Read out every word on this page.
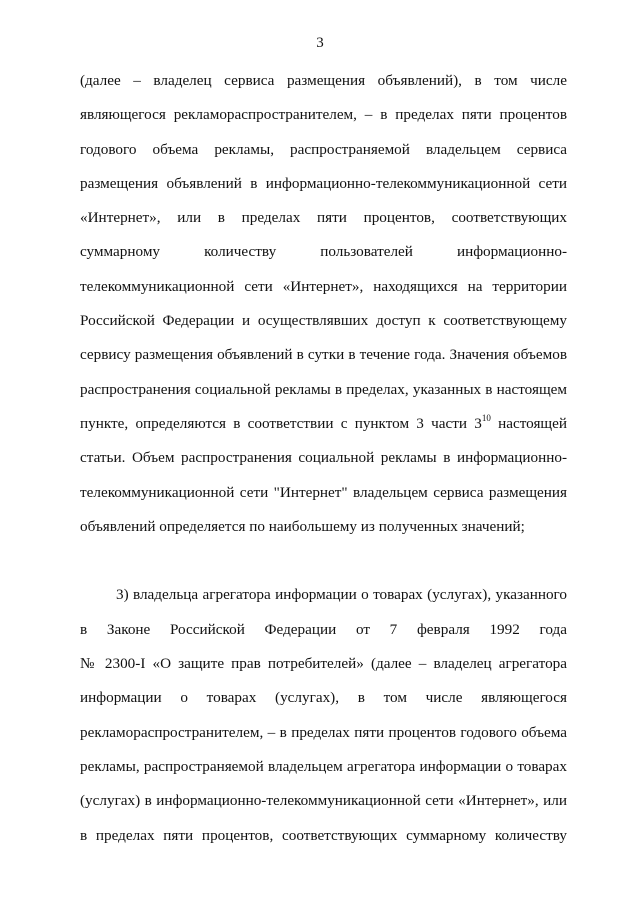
3
(далее – владелец сервиса размещения объявлений), в том числе
являющегося рекламораспространителем, – в пределах пяти процентов
годового объема рекламы, распространяемой владельцем сервиса
размещения объявлений в информационно-телекоммуникационной сети
«Интернет», или в пределах пяти процентов, соответствующих
суммарному количеству пользователей информационно-
телекоммуникационной сети «Интернет», находящихся на территории
Российской Федерации и осуществлявших доступ к соответствующему
сервису размещения объявлений в сутки в течение года. Значения объемов
распространения социальной рекламы в пределах, указанных в настоящем
пункте, определяются в соответствии с пунктом 3 части $3^{10}$ настоящей
статьи. Объем распространения социальной рекламы в информационно-
телекоммуникационной сети "Интернет" владельцем сервиса размещения
объявлений определяется по наибольшему из полученных значений;
3) владельца агрегатора информации о товарах (услугах), указанного
в Законе Российской Федерации от 7 февраля 1992 года
№ 2300-I «О защите прав потребителей» (далее – владелец агрегатора
информации о товарах (услугах), в том числе являющегося
рекламораспространителем, – в пределах пяти процентов годового объема
рекламы, распространяемой владельцем агрегатора информации о товарах
(услугах) в информационно-телекоммуникационной сети «Интернет», или
в пределах пяти процентов, соответствующих суммарному количеству
